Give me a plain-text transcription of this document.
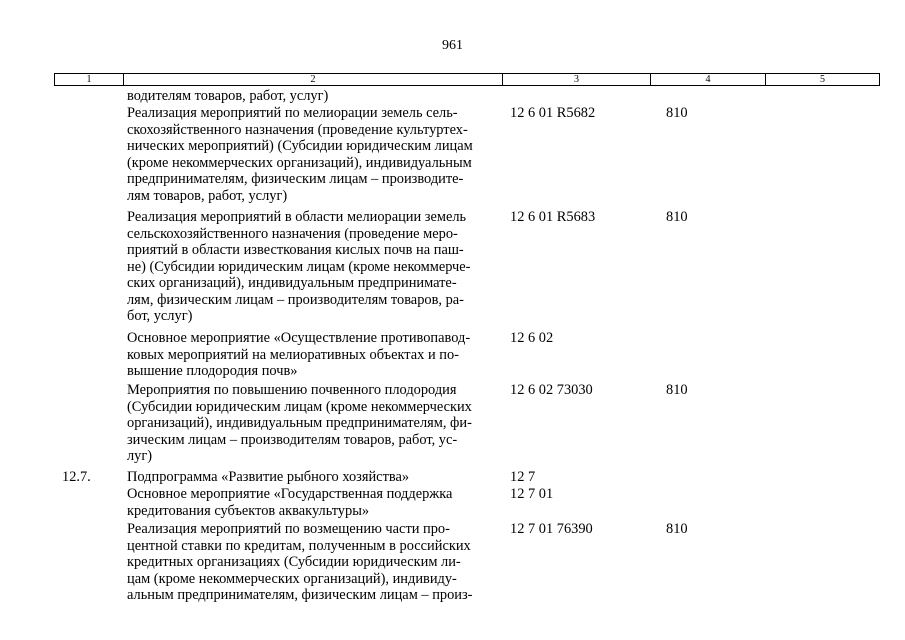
961
1	2	3	4	5
водителям товаров, работ, услуг)
Реализация мероприятий по мелиорации земель сель-
скохозяйственного назначения (проведение культуртех-
нических мероприятий) (Субсидии юридическим лицам
(кроме некоммерческих организаций), индивидуальным
предпринимателям, физическим лицам – производите-
лям товаров, работ, услуг)
12 6 01 R5682	810
Реализация мероприятий в области мелиорации земель
сельскохозяйственного назначения (проведение меро-
приятий в области известкования кислых почв на паш-
не) (Субсидии юридическим лицам (кроме некоммерче-
ских организаций), индивидуальным предпринимате-
лям, физическим лицам – производителям товаров, ра-
бот, услуг)
12 6 01 R5683	810
Основное мероприятие «Осуществление противопавод-
ковых мероприятий на мелиоративных объектах и по-
вышение плодородия почв»
12 6 02
Мероприятия по повышению почвенного плодородия
(Субсидии юридическим лицам (кроме некоммерческих
организаций), индивидуальным предпринимателям, фи-
зическим лицам – производителям товаров, работ, ус-
луг)
12 6 02 73030	810
12.7.	Подпрограмма «Развитие рыбного хозяйства»	12 7
Основное мероприятие «Государственная поддержка
кредитования субъектов аквакультуры»
12 7 01
Реализация мероприятий по возмещению части про-
центной ставки по кредитам, полученным в российских
кредитных организациях (Субсидии юридическим ли-
цам (кроме некоммерческих организаций), индивиду-
альным предпринимателям, физическим лицам – произ-
12 7 01 76390	810
